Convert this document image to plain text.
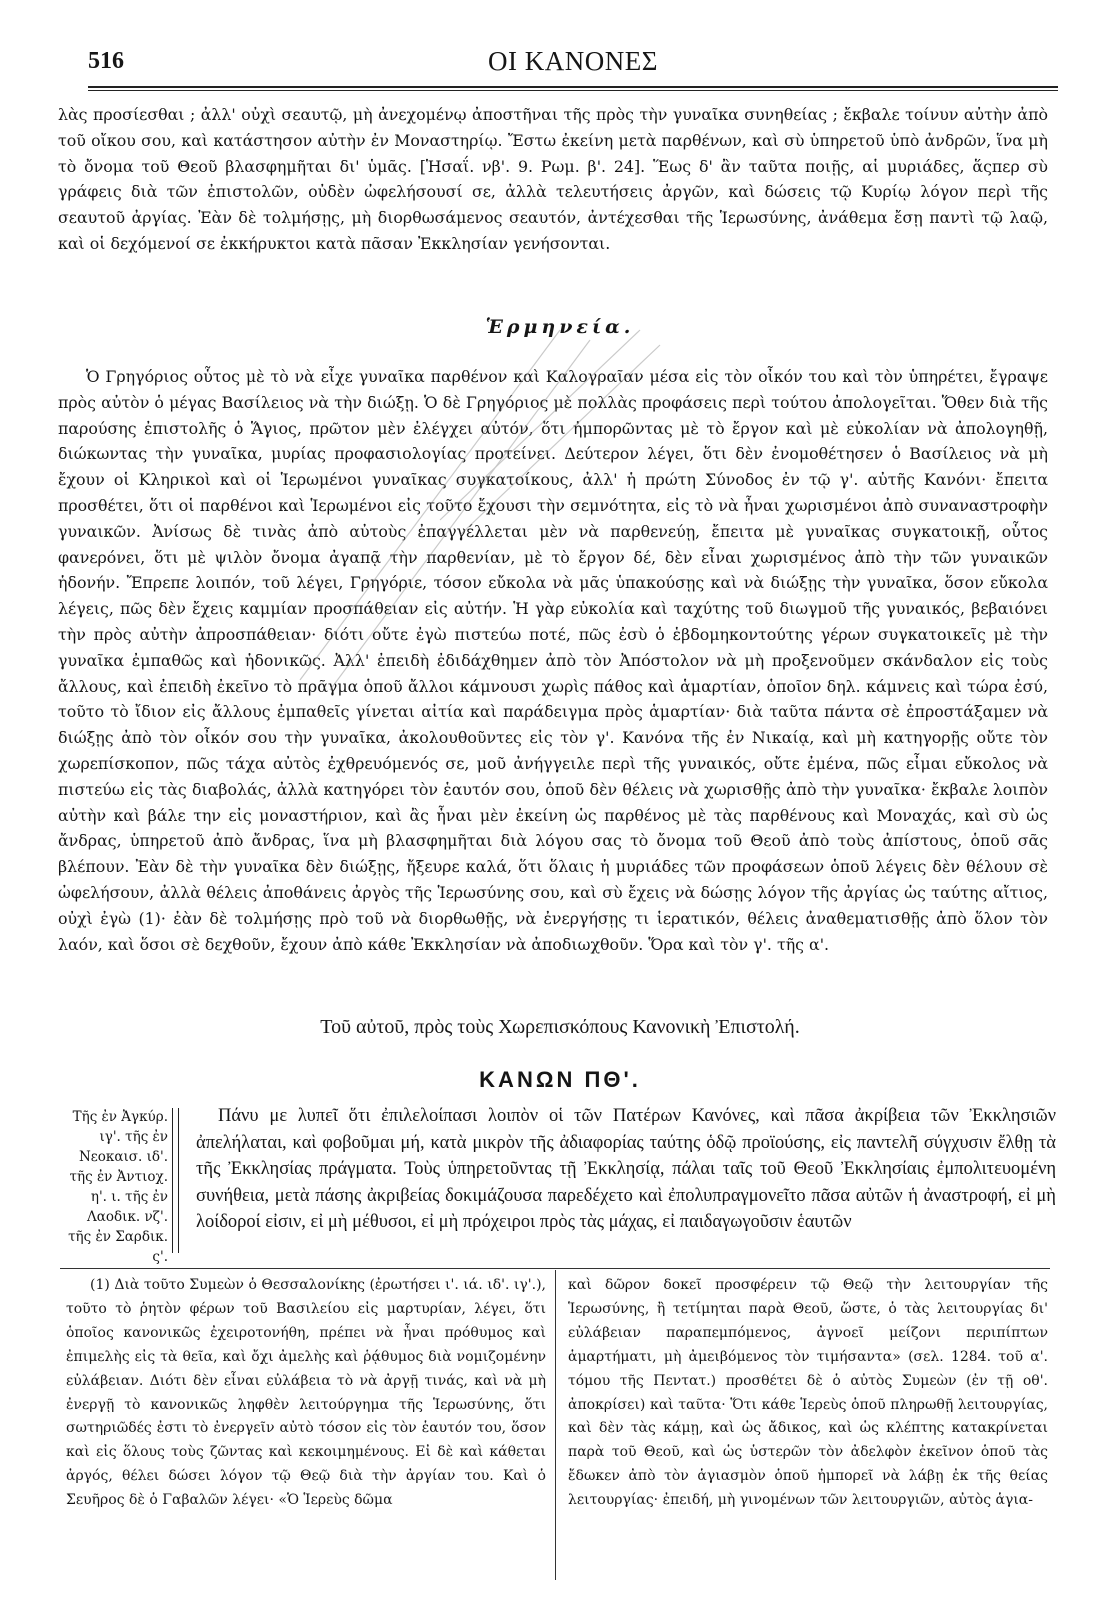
516	ΟΙ ΚΑΝΟΝΕΣ

λὰς προσίεσθαι ; ἀλλ' οὐχὶ σεαυτῷ, μὴ ἀνεχομένῳ ἀποστῆναι τῆς πρὸς τὴν γυναῖκα συνηθείας ; ἔκβαλε τοίνυν αὐτὴν ἀπὸ τοῦ οἴκου σου, καὶ κατάστησον αὐτὴν ἐν Μοναστηρίῳ. Ἔστω ἐκείνη μετὰ παρθένων, καὶ σὺ ὑπηρετοῦ ὑπὸ ἀνδρῶν, ἵνα μὴ τὸ ὄνομα τοῦ Θεοῦ βλασφημῆται δι' ὑμᾶς. [Ἡσαΐ. νβ'. 9. Ρωμ. β'. 24]. Ἕως δ' ἂν ταῦτα ποιῇς, αἱ μυριάδες, ἅςπερ σὺ γράφεις διὰ τῶν ἐπιστολῶν, οὐδὲν ὠφελήσουσί σε, ἀλλὰ τελευτήσεις ἀργῶν, καὶ δώσεις τῷ Κυρίῳ λόγον περὶ τῆς σεαυτοῦ ἀργίας. Ἐὰν δὲ τολμήσῃς, μὴ διορθωσάμενος σεαυτόν, ἀντέχεσθαι τῆς Ἱερωσύνης, ἀνάθεμα ἔσῃ παντὶ τῷ λαῷ, καὶ οἱ δεχόμενοί σε ἐκκήρυκτοι κατὰ πᾶσαν Ἐκκλησίαν γενήσονται.

Ἑρμηνεία.

Ὁ Γρηγόριος οὗτος μὲ τὸ νὰ εἶχε γυναῖκα παρθένον καὶ Καλογραῖαν μέσα εἰς τὸν οἶκόν του καὶ τὸν ὑπηρέτει, ἔγραψε πρὸς αὐτὸν ὁ μέγας Βασίλειος νὰ τὴν διώξῃ. Ὁ δὲ Γρηγόριος μὲ πολλὰς προφάσεις περὶ τούτου ἀπολογεῖται. Ὅθεν διὰ τῆς παρούσης ἐπιστολῆς ὁ Ἅγιος, πρῶτον μὲν ἐλέγχει αὐτόν, ὅτι ἠμπορῶντας μὲ τὸ ἔργον καὶ μὲ εὐκολίαν νὰ ἀπολογηθῇ, διώκωντας τὴν γυναῖκα, μυρίας προφασιολογίας προτείνει. Δεύτερον λέγει, ὅτι δὲν ἐνομοθέτησεν ὁ Βασίλειος νὰ μὴ ἔχουν οἱ Κληρικοὶ καὶ οἱ Ἱερωμένοι γυναῖκας συγκατοίκους, ἀλλ' ἡ πρώτη Σύνοδος ἐν τῷ γ'. αὐτῆς Κανόνι· ἔπειτα προσθέτει, ὅτι οἱ παρθένοι καὶ Ἱερωμένοι εἰς τοῦτο ἔχουσι τὴν σεμνότητα, εἰς τὸ νὰ ἦναι χωρισμένοι ἀπὸ συναναστροφὴν γυναικῶν. Ἀνίσως δὲ τινὰς ἀπὸ αὐτοὺς ἐπαγγέλλεται μὲν νὰ παρθενεύῃ, ἔπειτα μὲ γυναῖκας συγκατοικῇ, οὗτος φανερόνει, ὅτι μὲ ψιλὸν ὄνομα ἀγαπᾷ τὴν παρθενίαν, μὲ τὸ ἔργον δέ, δὲν εἶναι χωρισμένος ἀπὸ τὴν τῶν γυναικῶν ἡδονήν. Ἔπρεπε λοιπόν, τοῦ λέγει, Γρηγόριε, τόσον εὔκολα νὰ μᾶς ὑπακούσῃς καὶ νὰ διώξῃς τὴν γυναῖκα, ὅσον εὔκολα λέγεις, πῶς δὲν ἔχεις καμμίαν προσπάθειαν εἰς αὐτήν. Ἡ γὰρ εὐκολία καὶ ταχύτης τοῦ διωγμοῦ τῆς γυναικός, βεβαιόνει τὴν πρὸς αὐτὴν ἀπροσπάθειαν· διότι οὔτε ἐγὼ πιστεύω ποτέ, πῶς ἐσὺ ὁ ἑβδομηκοντούτης γέρων συγκατοικεῖς μὲ τὴν γυναῖκα ἐμπαθῶς καὶ ἡδονικῶς. Ἀλλ' ἐπειδὴ ἐδιδάχθημεν ἀπὸ τὸν Ἀπόστολον νὰ μὴ προξενοῦμεν σκάνδαλον εἰς τοὺς ἄλλους, καὶ ἐπειδὴ ἐκεῖνο τὸ πρᾶγμα ὁποῦ ἄλλοι κάμνουσι χωρὶς πάθος καὶ ἁμαρτίαν, ὁποῖον δηλ. κάμνεις καὶ τώρα ἐσύ, τοῦτο τὸ ἴδιον εἰς ἄλλους ἐμπαθεῖς γίνεται αἰτία καὶ παράδειγμα πρὸς ἁμαρτίαν· διὰ ταῦτα πάντα σὲ ἐπροστάξαμεν νὰ διώξῃς ἀπὸ τὸν οἶκόν σου τὴν γυναῖκα, ἀκολουθοῦντες εἰς τὸν γ'. Κανόνα τῆς ἐν Νικαίᾳ, καὶ μὴ κατηγορῇς οὔτε τὸν χωρεπίσκοπον, πῶς τάχα αὐτὸς ἐχθρευόμενός σε, μοῦ ἀνήγγειλε περὶ τῆς γυναικός, οὔτε ἐμένα, πῶς εἶμαι εὔκολος νὰ πιστεύω εἰς τὰς διαβολάς, ἀλλὰ κατηγόρει τὸν ἑαυτόν σου, ὁποῦ δὲν θέλεις νὰ χωρισθῇς ἀπὸ τὴν γυναῖκα· ἔκβαλε λοιπὸν αὐτὴν καὶ βάλε την εἰς μοναστήριον, καὶ ἂς ἦναι μὲν ἐκείνη ὡς παρθένος μὲ τὰς παρθένους καὶ Μοναχάς, καὶ σὺ ὡς ἄνδρας, ὑπηρετοῦ ἀπὸ ἄνδρας, ἵνα μὴ βλασφημῆται διὰ λόγου σας τὸ ὄνομα τοῦ Θεοῦ ἀπὸ τοὺς ἀπίστους, ὁποῦ σᾶς βλέπουν. Ἐὰν δὲ τὴν γυναῖκα δὲν διώξῃς, ἤξευρε καλά, ὅτι ὅλαις ἡ μυριάδες τῶν προφάσεων ὁποῦ λέγεις δὲν θέλουν σὲ ὠφελήσουν, ἀλλὰ θέλεις ἀποθάνεις ἀργὸς τῆς Ἱερωσύνης σου, καὶ σὺ ἔχεις νὰ δώσῃς λόγον τῆς ἀργίας ὡς ταύτης αἴτιος, οὐχὶ ἐγὼ (1)· ἐὰν δὲ τολμήσῃς πρὸ τοῦ νὰ διορθωθῇς, νὰ ἐνεργήσῃς τι ἱερατικόν, θέλεις ἀναθεματισθῇς ἀπὸ ὅλον τὸν λαόν, καὶ ὅσοι σὲ δεχθοῦν, ἔχουν ἀπὸ κάθε Ἐκκλησίαν νὰ ἀποδιωχθοῦν. Ὅρα καὶ τὸν γ'. τῆς α'.

Τοῦ αὐτοῦ, πρὸς τοὺς Χωρεπισκόπους Κανονικὴ Ἐπιστολή.
ΚΑΝΩΝ ΠΘ'.

Τῆς ἐν Ἀγκύρ. ιγ'. τῆς ἐν Νεοκαισ. ιδ'. τῆς ἐν Ἀντιοχ. η'. ι. τῆς ἐν Λαοδικ. νζ'. τῆς ἐν Σαρδικ. ς'.

Πάνυ με λυπεῖ ὅτι ἐπιλελοίπασι λοιπὸν οἱ τῶν Πατέρων Κανόνες, καὶ πᾶσα ἀκρίβεια τῶν Ἐκκλησιῶν ἀπελήλαται, καὶ φοβοῦμαι μή, κατὰ μικρὸν τῆς ἀδιαφορίας ταύτης ὁδῷ προϊούσης, εἰς παντελῆ σύγχυσιν ἔλθῃ τὰ τῆς Ἐκκλησίας πράγματα. Τοὺς ὑπηρετοῦντας τῇ Ἐκκλησίᾳ, πάλαι ταῖς τοῦ Θεοῦ Ἐκκλησίαις ἐμπολιτευομένη συνήθεια, μετὰ πάσης ἀκριβείας δοκιμάζουσα παρεδέχετο καὶ ἐπολυπραγμονεῖτο πᾶσα αὐτῶν ἡ ἀναστροφή, εἰ μὴ λοίδοροί εἰσιν, εἰ μὴ μέθυσοι, εἰ μὴ πρόχειροι πρὸς τὰς μάχας, εἰ παιδαγωγοῦσιν ἑαυτῶν

(1) Διὰ τοῦτο Συμεὼν ὁ Θεσσαλονίκης (ἐρωτήσει ι'. ιά. ιδ'. ιγ'.), τοῦτο τὸ ῥητὸν φέρων τοῦ Βασιλείου εἰς μαρτυρίαν, λέγει, ὅτι ὁποῖος κανονικῶς ἐχειροτονήθη, πρέπει νὰ ἦναι πρόθυμος καὶ ἐπιμελὴς εἰς τὰ θεῖα, καὶ ὄχι ἀμελὴς καὶ ῥᾴθυμος διὰ νομιζομένην εὐλάβειαν. Διότι δὲν εἶναι εὐλάβεια τὸ νὰ ἀργῇ τινάς, καὶ νὰ μὴ ἐνεργῇ τὸ κανονικῶς ληφθὲν λειτούργημα τῆς Ἱερωσύνης, ὅτι σωτηριῶδές ἐστι τὸ ἐνεργεῖν αὐτὸ τόσον εἰς τὸν ἑαυτόν του, ὅσον καὶ εἰς ὅλους τοὺς ζῶντας καὶ κεκοιμημένους. Εἰ δὲ καὶ κάθεται ἀργός, θέλει δώσει λόγον τῷ Θεῷ διὰ τὴν ἀργίαν του. Καὶ ὁ Σευῆρος δὲ ὁ Γαβαλῶν λέγει· «Ὁ Ἱερεὺς δῶμα

καὶ δῶρον δοκεῖ προσφέρειν τῷ Θεῷ τὴν λειτουργίαν τῆς Ἱερωσύνης, ἢ τετίμηται παρὰ Θεοῦ, ὥστε, ὁ τὰς λειτουργίας δι' εὐλάβειαν παραπεμπόμενος, ἀγνοεῖ μείζονι περιπίπτων ἁμαρτήματι, μὴ ἀμειβόμενος τὸν τιμήσαντα» (σελ. 1284. τοῦ α'. τόμου τῆς Πεντατ.) προσθέτει δὲ ὁ αὐτὸς Συμεὼν (ἐν τῇ οθ'. ἀποκρίσει) καὶ ταῦτα· Ὅτι κάθε Ἱερεὺς ὁποῦ πληρωθῇ λειτουργίας, καὶ δὲν τὰς κάμῃ, καὶ ὡς ἄδικος, καὶ ὡς κλέπτης κατακρίνεται παρὰ τοῦ Θεοῦ, καὶ ὡς ὑστερῶν τὸν ἀδελφὸν ἐκεῖνον ὁποῦ τὰς ἔδωκεν ἀπὸ τὸν ἁγιασμὸν ὁποῦ ἠμπορεῖ νὰ λάβῃ ἐκ τῆς θείας λειτουργίας· ἐπειδή, μὴ γινομένων τῶν λειτουργιῶν, αὐτὸς ἁγια-
